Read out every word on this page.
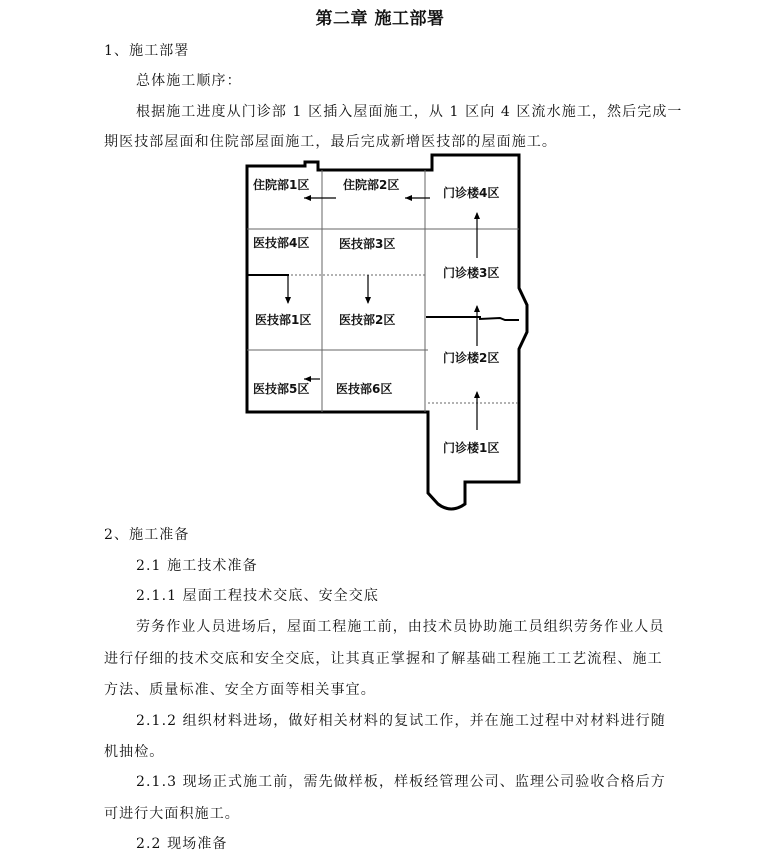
第二章 施工部署
1、施工部署
总体施工顺序：
根据施工进度从门诊部 1 区插入屋面施工，从 1 区向 4 区流水施工，然后完成一
期医技部屋面和住院部屋面施工，最后完成新增医技部的屋面施工。
住院部1区	住院部2区
门诊楼4区
医技部4区 医技部3区
门诊楼3区
医技部1区 医技部2区
门诊楼2区
医技部5区 医技部6区
门诊楼1区
2、施工准备
2.1 施工技术准备
2.1.1 屋面工程技术交底、安全交底
劳务作业人员进场后，屋面工程施工前，由技术员协助施工员组织劳务作业人员
进行仔细的技术交底和安全交底，让其真正掌握和了解基础工程施工工艺流程、施工
方法、质量标准、安全方面等相关事宜。
2.1.2 组织材料进场，做好相关材料的复试工作，并在施工过程中对材料进行随
机抽检。
2.1.3 现场正式施工前，需先做样板，样板经管理公司、监理公司验收合格后方
可进行大面积施工。
2.2 现场准备
